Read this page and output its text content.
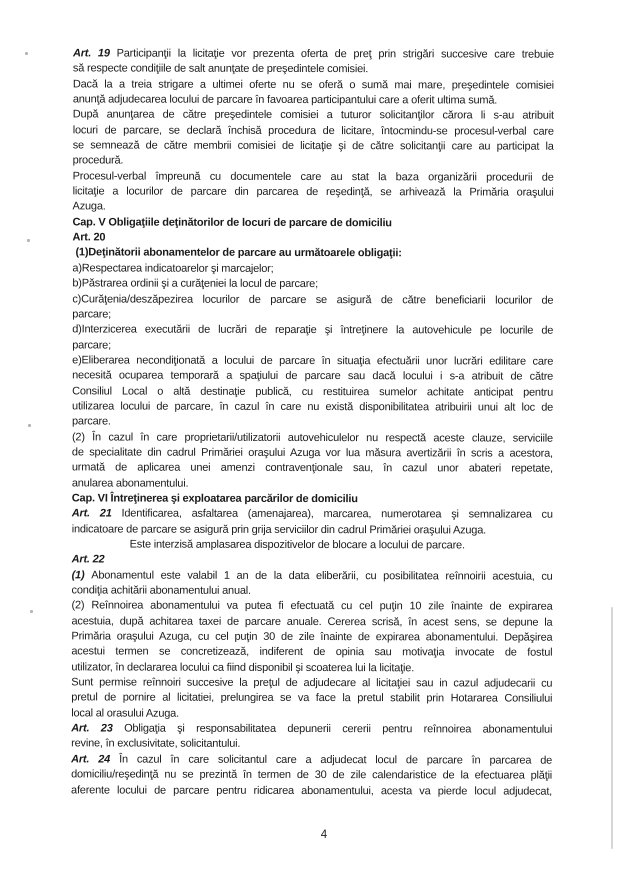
Art. 19 Participanţii la licitaţie vor prezenta oferta de preţ prin strigări succesive care trebuie
să respecte condiţiile de salt anunţate de preşedintele comisiei.
Dacă la a treia strigare a ultimei oferte nu se oferă o sumă mai mare, preşedintele comisiei
anunţă adjudecarea locului de parcare în favoarea participantului care a oferit ultima sumă.
După anunţarea de către preşedintele comisiei a tuturor solicitanţilor cărora li s-au atribuit
locuri de parcare, se declară închisă procedura de licitare, întocmindu-se procesul-verbal care
se semnează de către membrii comisiei de licitaţie şi de către solicitanţii care au participat la
procedură.
Procesul-verbal împreună cu documentele care au stat la baza organizării procedurii de
licitaţie a locurilor de parcare din parcarea de reşedinţă, se arhivează la Primăria oraşului
Azuga.
Cap. V Obligaţiile deţinătorilor de locuri de parcare de domiciliu
Art. 20
(1)Deţinătorii abonamentelor de parcare au următoarele obligaţii:
a)Respectarea indicatoarelor şi marcajelor;
b)Păstrarea ordinii şi a curăţeniei la locul de parcare;
c)Curăţenia/deszăpezirea locurilor de parcare se asigură de către beneficiarii locurilor de
parcare;
d)Interzicerea executării de lucrări de reparaţie şi întreţinere la autovehicule pe locurile de
parcare;
e)Eliberarea necondiţionată a locului de parcare în situaţia efectuării unor lucrări edilitare care
necesită ocuparea temporară a spaţiului de parcare sau dacă locului i s-a atribuit de către
Consiliul Local o altă destinaţie publică, cu restituirea sumelor achitate anticipat pentru
utilizarea locului de parcare, în cazul în care nu există disponibilitatea atribuirii unui alt loc de
parcare.
(2) În cazul în care proprietarii/utilizatorii autovehiculelor nu respectă aceste clauze, serviciile
de specialitate din cadrul Primăriei oraşului Azuga vor lua măsura avertizării în scris a acestora,
urmată de aplicarea unei amenzi contravenţionale sau, în cazul unor abateri repetate,
anularea abonamentului.
Cap. VI Întreţinerea şi exploatarea parcărilor de domiciliu
Art. 21 Identificarea, asfaltarea (amenajarea), marcarea, numerotarea şi semnalizarea cu
indicatoare de parcare se asigură prin grija serviciilor din cadrul Primăriei oraşului Azuga.
Este interzisă amplasarea dispozitivelor de blocare a locului de parcare.
Art. 22
(1) Abonamentul este valabil 1 an de la data eliberării, cu posibilitatea reînnoirii acestuia, cu
condiţia achitării abonamentului anual.
(2) Reînnoirea abonamentului va putea fi efectuată cu cel puţin 10 zile înainte de expirarea
acestuia, după achitarea taxei de parcare anuale. Cererea scrisă, în acest sens, se depune la
Primăria oraşului Azuga, cu cel puţin 30 de zile înainte de expirarea abonamentului. Depăşirea
acestui termen se concretizează, indiferent de opinia sau motivaţia invocate de fostul
utilizator, în declararea locului ca fiind disponibil şi scoaterea lui la licitaţie.
Sunt permise reînnoiri succesive la preţul de adjudecare al licitaţiei sau in cazul adjudecarii cu
pretul de pornire al licitatiei, prelungirea se va face la pretul stabilit prin Hotararea Consiliului
local al orasului Azuga.
Art. 23 Obligaţia şi responsabilitatea depunerii cererii pentru reînnoirea abonamentului
revine, în exclusivitate, solicitantului.
Art. 24 În cazul în care solicitantul care a adjudecat locul de parcare în parcarea de
domiciliu/reşedinţă nu se prezintă în termen de 30 de zile calendaristice de la efectuarea plăţii
aferente locului de parcare pentru ridicarea abonamentului, acesta va pierde locul adjudecat,
4
